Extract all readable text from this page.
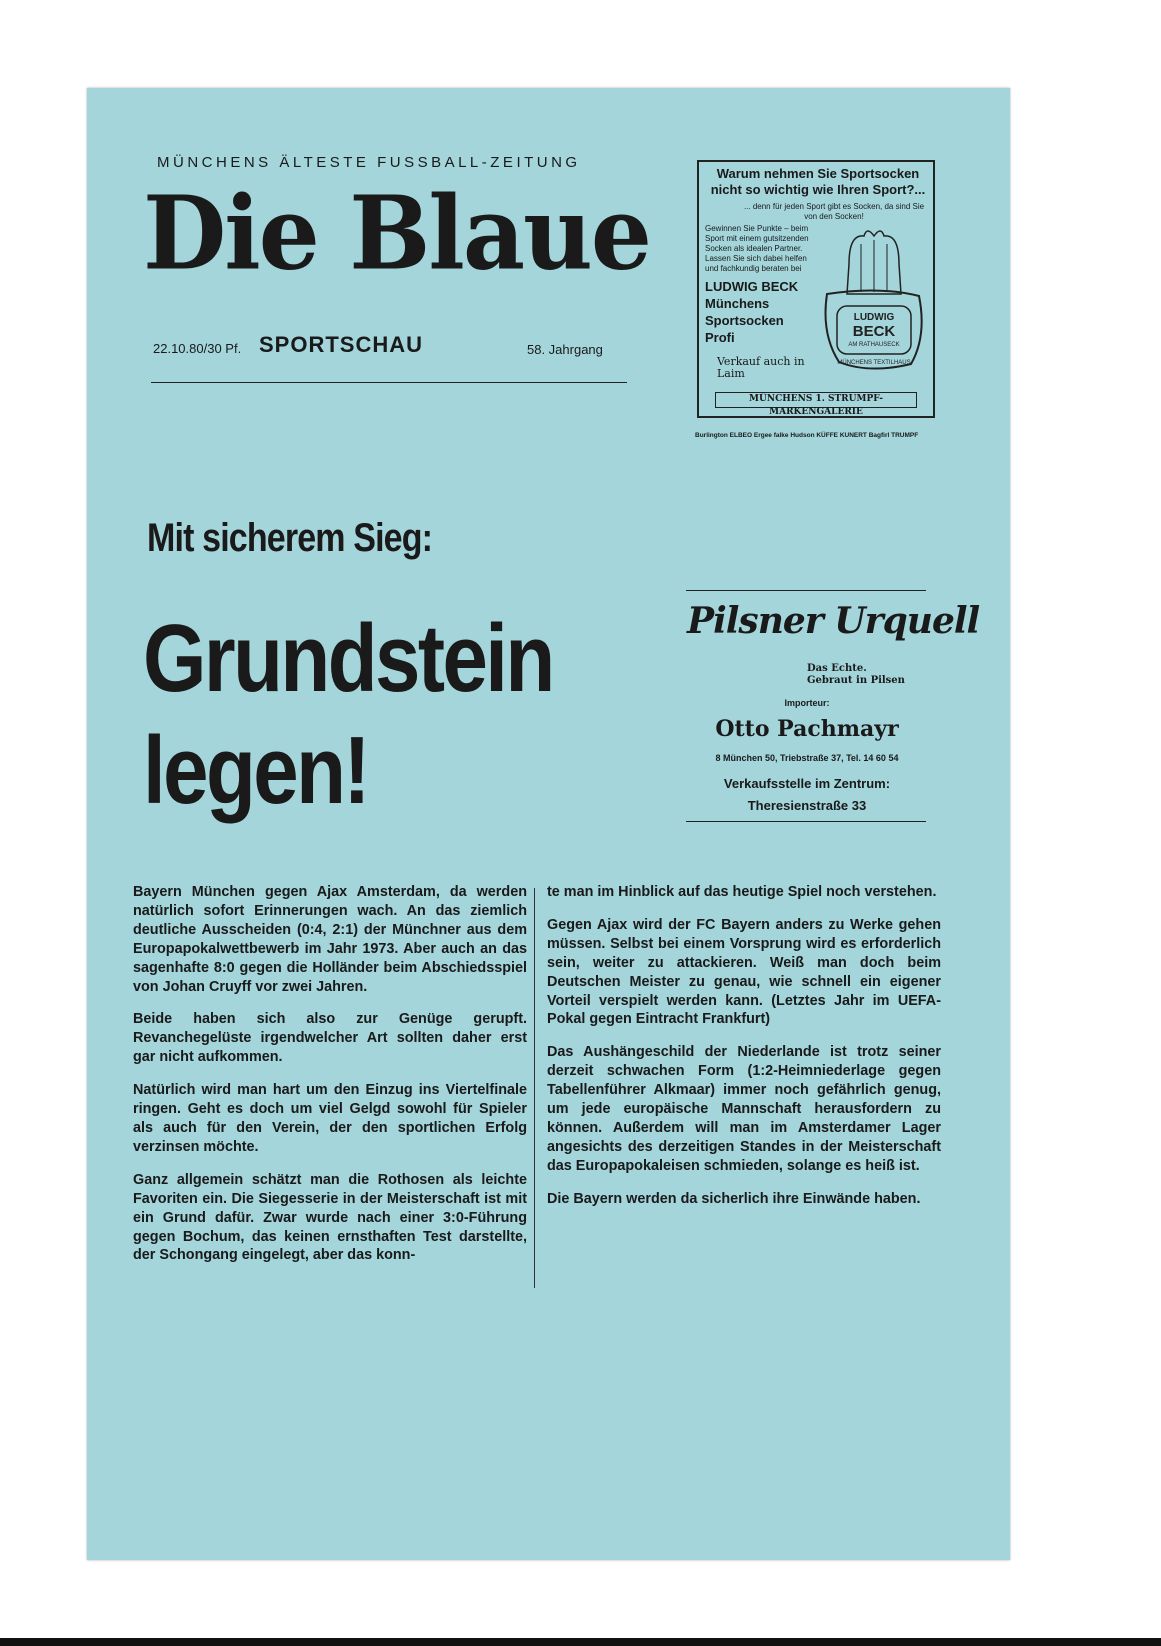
MÜNCHENS ÄLTESTE FUSSBALL-ZEITUNG
Die Blaue
22.10.80/30 Pf. SPORTSCHAU	58. Jahrgang
Warum nehmen Sie Sportsocken nicht so wichtig wie Ihren Sport?...
... denn für jeden Sport gibt es Socken, da sind Sie von den Socken!
Gewinnen Sie Punkte – beim Sport mit einem gutsitzenden Socken als idealen Partner. Lassen Sie sich dabei helfen und fachkundig beraten bei
LUDWIG BECK
Münchens
Sportsocken
Profi
Verkauf auch in Laim
LUDWIG
BECK
AM RATHAUSECK
MÜNCHENS TEXTILHAUS
MÜNCHENS 1. STRUMPF-MARKENGALERIE
Burlington ELBEO Ergee falke Hudson KÜFFE KUNERT Bagfirl TRUMPF
Mit sicherem Sieg:
Grundstein
legen!
Pilsner Urquell
Das Echte.
Gebraut in Pilsen
Importeur:
Otto Pachmayr
8 München 50, Triebstraße 37, Tel. 14 60 54
Verkaufsstelle im Zentrum:
Theresienstraße 33

Bayern München gegen Ajax Amsterdam, da werden natürlich sofort Erinnerungen wach. An das ziemlich deutliche Ausscheiden (0:4, 2:1) der Münchner aus dem Europapokalwettbewerb im Jahr 1973. Aber auch an das sagenhafte 8:0 gegen die Holländer beim Abschiedsspiel von Johan Cruyff vor zwei Jahren.

Beide haben sich also zur Genüge gerupft. Revanchegelüste irgendwelcher Art sollten daher erst gar nicht aufkommen.

Natürlich wird man hart um den Einzug ins Viertelfinale ringen. Geht es doch um viel Gelgd sowohl für Spieler als auch für den Verein, der den sportlichen Erfolg verzinsen möchte.

Ganz allgemein schätzt man die Rothosen als leichte Favoriten ein. Die Siegesserie in der Meisterschaft ist mit ein Grund dafür. Zwar wurde nach einer 3:0-Führung gegen Bochum, das keinen ernsthaften Test darstellte, der Schongang eingelegt, aber das konn-

te man im Hinblick auf das heutige Spiel noch verstehen.

Gegen Ajax wird der FC Bayern anders zu Werke gehen müssen. Selbst bei einem Vorsprung wird es erforderlich sein, weiter zu attackieren. Weiß man doch beim Deutschen Meister zu genau, wie schnell ein eigener Vorteil verspielt werden kann. (Letztes Jahr im UEFA-Pokal gegen Eintracht Frankfurt)

Das Aushängeschild der Niederlande ist trotz seiner derzeit schwachen Form (1:2-Heimniederlage gegen Tabellenführer Alkmaar) immer noch gefährlich genug, um jede europäische Mannschaft herausfordern zu können. Außerdem will man im Amsterdamer Lager angesichts des derzeitigen Standes in der Meisterschaft das Europapokaleisen schmieden, solange es heiß ist.

Die Bayern werden da sicherlich ihre Einwände haben.
